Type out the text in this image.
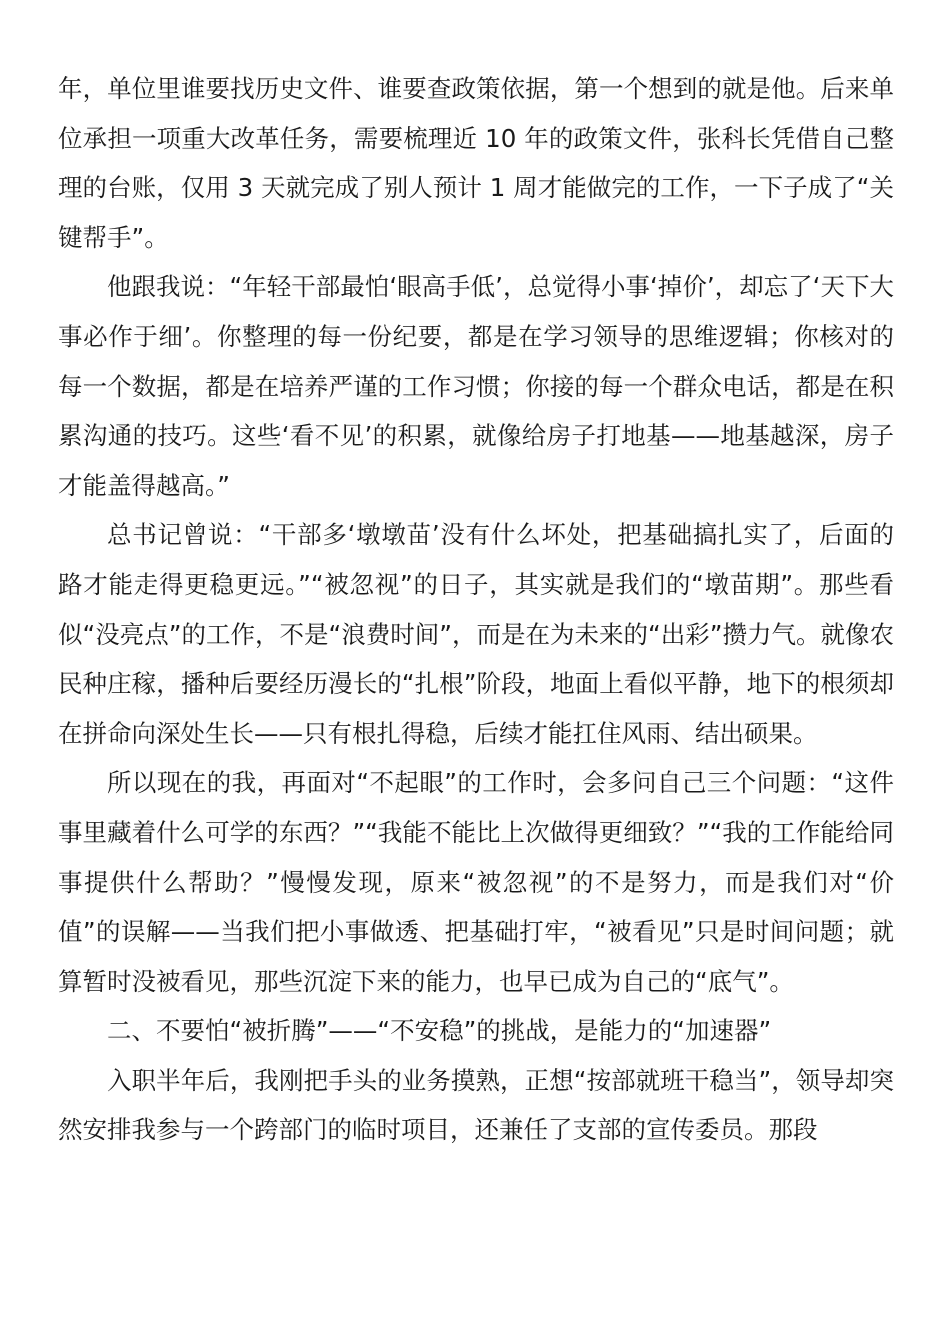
年，单位里谁要找历史文件、谁要查政策依据，第一个想到的就是他。后来单位承担一项重大改革任务，需要梳理近 10 年的政策文件，张科长凭借自己整理的台账，仅用 3 天就完成了别人预计 1 周才能做完的工作，一下子成了“关键帮手”。

他跟我说：“年轻干部最怕‘眼高手低’，总觉得小事‘掉价’，却忘了‘天下大事必作于细’。你整理的每一份纪要，都是在学习领导的思维逻辑；你核对的每一个数据，都是在培养严谨的工作习惯；你接的每一个群众电话，都是在积累沟通的技巧。这些‘看不见’的积累，就像给房子打地基——地基越深，房子才能盖得越高。”

总书记曾说：“干部多‘墩墩苗’没有什么坏处，把基础搞扎实了，后面的路才能走得更稳更远。”“被忽视”的日子，其实就是我们的“墩苗期”。那些看似“没亮点”的工作，不是“浪费时间”，而是在为未来的“出彩”攒力气。就像农民种庄稼，播种后要经历漫长的“扎根”阶段，地面上看似平静，地下的根须却在拼命向深处生长——只有根扎得稳，后续才能扛住风雨、结出硕果。

所以现在的我，再面对“不起眼”的工作时，会多问自己三个问题：“这件事里藏着什么可学的东西？”“我能不能比上次做得更细致？”“我的工作能给同事提供什么帮助？”慢慢发现，原来“被忽视”的不是努力，而是我们对“价值”的误解——当我们把小事做透、把基础打牢，“被看见”只是时间问题；就算暂时没被看见，那些沉淀下来的能力，也早已成为自己的“底气”。

二、不要怕“被折腾”——“不安稳”的挑战，是能力的“加速器”

入职半年后，我刚把手头的业务摸熟，正想“按部就班干稳当”，领导却突然安排我参与一个跨部门的临时项目，还兼任了支部的宣传委员。那段
